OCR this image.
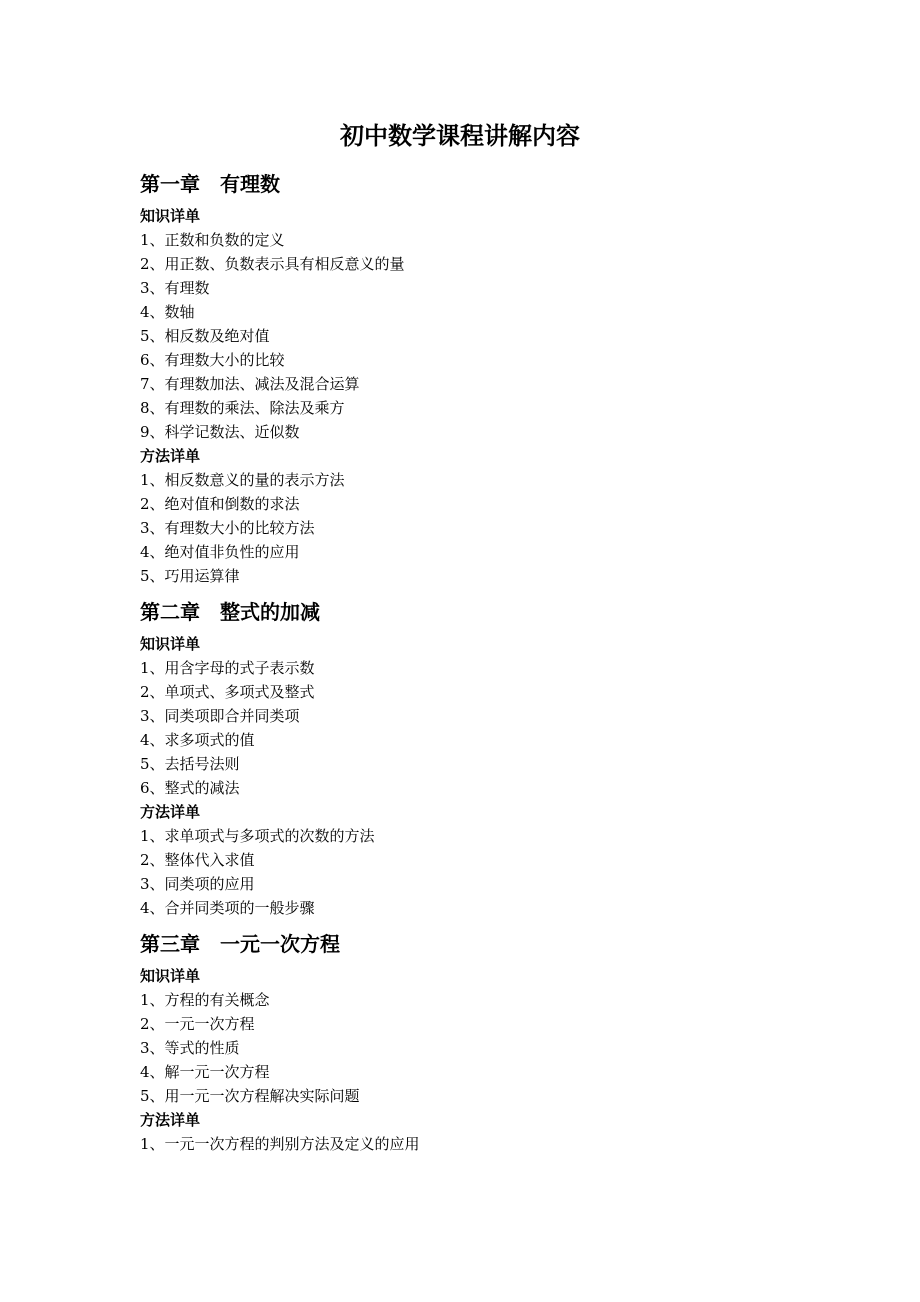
初中数学课程讲解内容
第一章　有理数
知识详单
1、正数和负数的定义
2、用正数、负数表示具有相反意义的量
3、有理数
4、数轴
5、相反数及绝对值
6、有理数大小的比较
7、有理数加法、减法及混合运算
8、有理数的乘法、除法及乘方
9、科学记数法、近似数
方法详单
1、相反数意义的量的表示方法
2、绝对值和倒数的求法
3、有理数大小的比较方法
4、绝对值非负性的应用
5、巧用运算律
第二章　整式的加减
知识详单
1、用含字母的式子表示数
2、单项式、多项式及整式
3、同类项即合并同类项
4、求多项式的值
5、去括号法则
6、整式的减法
方法详单
1、求单项式与多项式的次数的方法
2、整体代入求值
3、同类项的应用
4、合并同类项的一般步骤
第三章　一元一次方程
知识详单
1、方程的有关概念
2、一元一次方程
3、等式的性质
4、解一元一次方程
5、用一元一次方程解决实际问题
方法详单
1、一元一次方程的判别方法及定义的应用
